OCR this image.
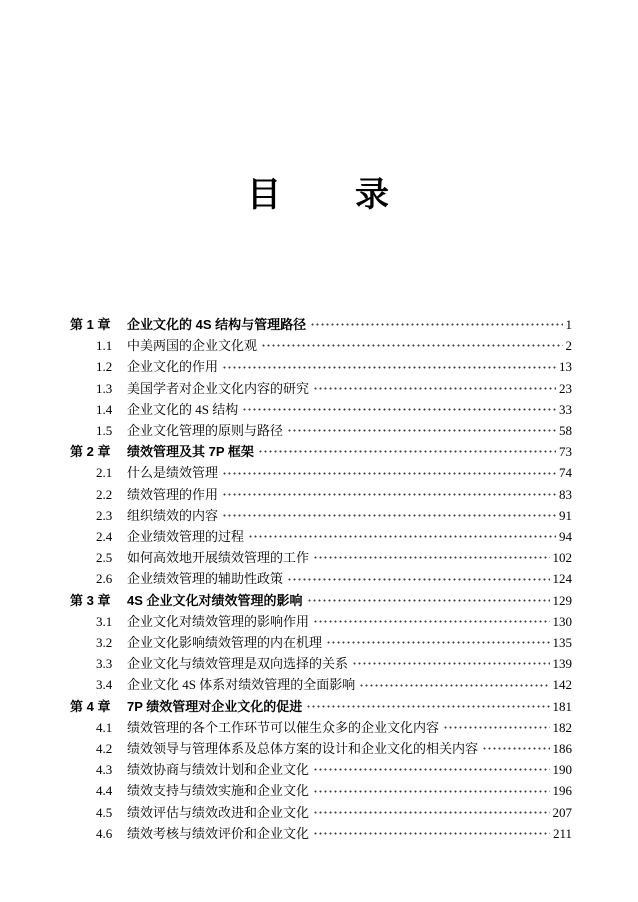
目　　录
第 1 章	企业文化的 4S 结构与管理路径	1
1.1	中美两国的企业文化观	2
1.2	企业文化的作用	13
1.3	美国学者对企业文化内容的研究	23
1.4	企业文化的 4S 结构	33
1.5	企业文化管理的原则与路径	58
第 2 章	绩效管理及其 7P 框架	73
2.1	什么是绩效管理	74
2.2	绩效管理的作用	83
2.3	组织绩效的内容	91
2.4	企业绩效管理的过程	94
2.5	如何高效地开展绩效管理的工作	102
2.6	企业绩效管理的辅助性政策	124
第 3 章	4S 企业文化对绩效管理的影响	129
3.1	企业文化对绩效管理的影响作用	130
3.2	企业文化影响绩效管理的内在机理	135
3.3	企业文化与绩效管理是双向选择的关系	139
3.4	企业文化 4S 体系对绩效管理的全面影响	142
第 4 章	7P 绩效管理对企业文化的促进	181
4.1	绩效管理的各个工作环节可以催生众多的企业文化内容	182
4.2	绩效领导与管理体系及总体方案的设计和企业文化的相关内容	186
4.3	绩效协商与绩效计划和企业文化	190
4.4	绩效支持与绩效实施和企业文化	196
4.5	绩效评估与绩效改进和企业文化	207
4.6	绩效考核与绩效评价和企业文化	211
